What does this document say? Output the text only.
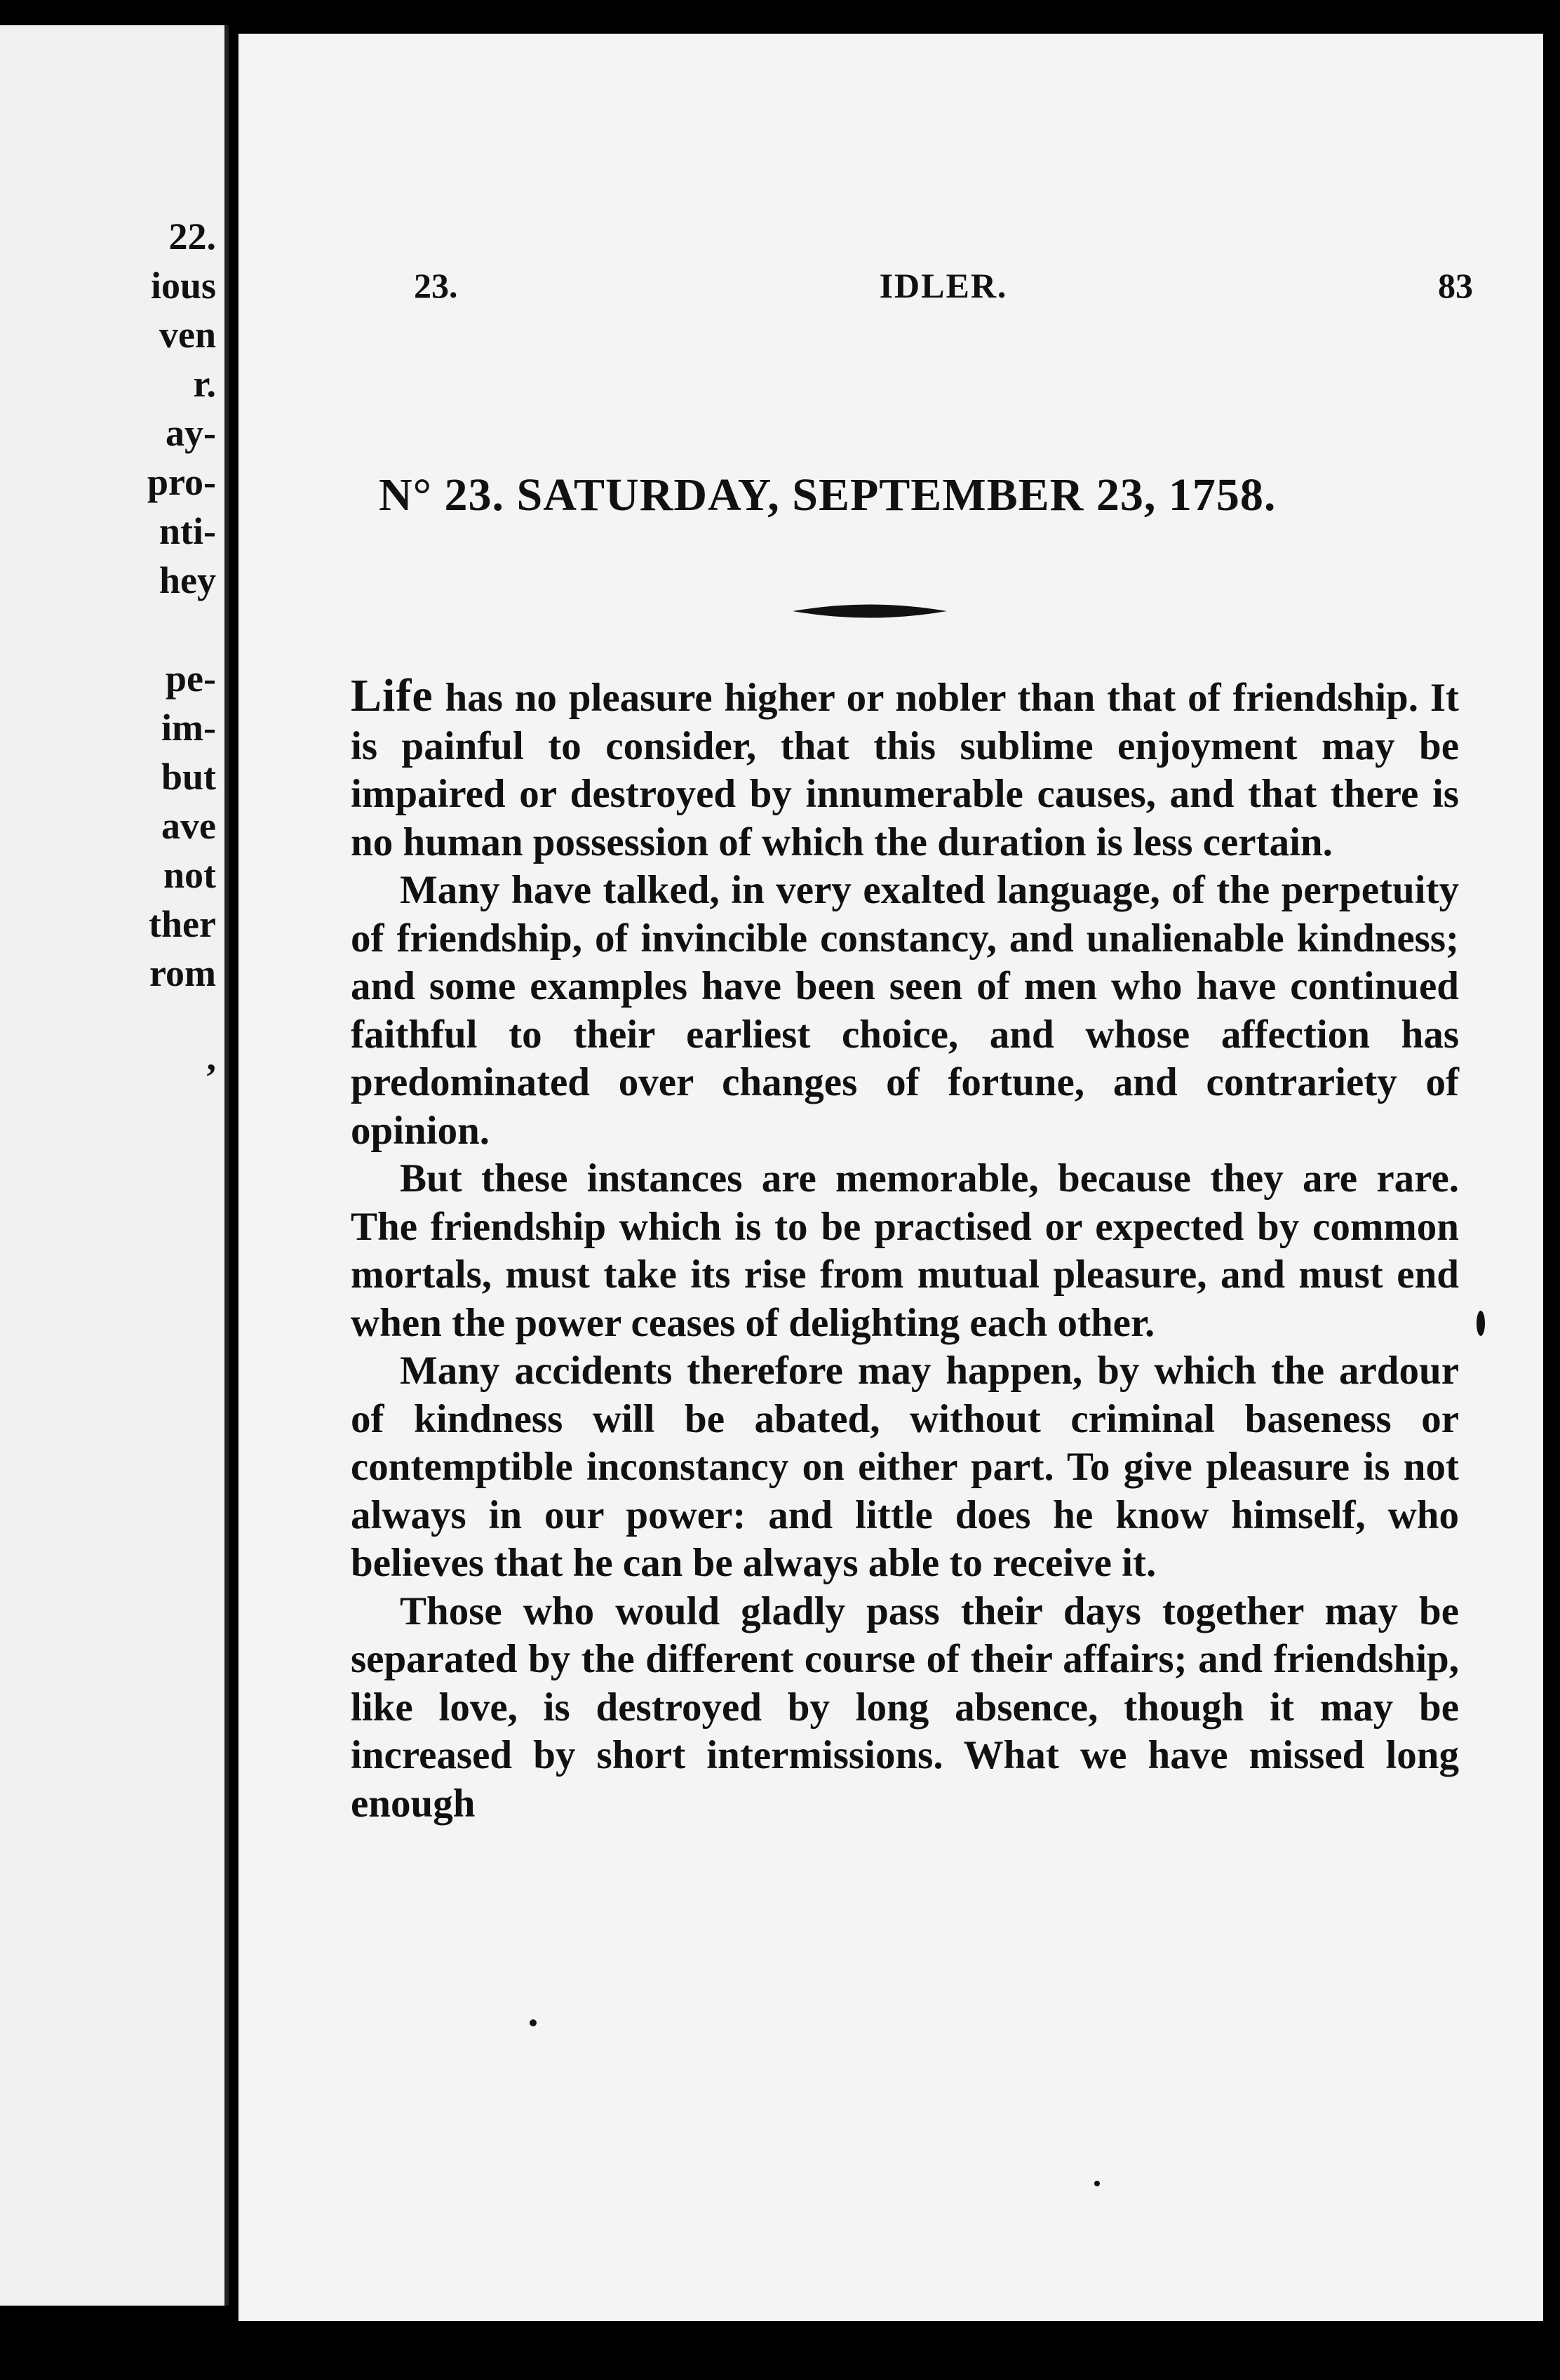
22.
ious
ven
r.
ay-
pro-
nti-
hey
pe-
im-
but
ave
not
ther
rom
,
23.	IDLER.	83
N° 23. SATURDAY, SEPTEMBER 23, 1758.

Life has no pleasure higher or nobler than that of friendship. It is painful to consider, that this sublime enjoyment may be impaired or destroyed by innumerable causes, and that there is no human possession of which the duration is less certain.

Many have talked, in very exalted language, of the perpetuity of friendship, of invincible constancy, and unalienable kindness; and some examples have been seen of men who have continued faithful to their earliest choice, and whose affection has predominated over changes of fortune, and contrariety of opinion.

But these instances are memorable, because they are rare. The friendship which is to be practised or expected by common mortals, must take its rise from mutual pleasure, and must end when the power ceases of delighting each other.

Many accidents therefore may happen, by which the ardour of kindness will be abated, without criminal baseness or contemptible inconstancy on either part. To give pleasure is not always in our power: and little does he know himself, who believes that he can be always able to receive it.

Those who would gladly pass their days together may be separated by the different course of their affairs; and friendship, like love, is destroyed by long absence, though it may be increased by short intermissions. What we have missed long enough
